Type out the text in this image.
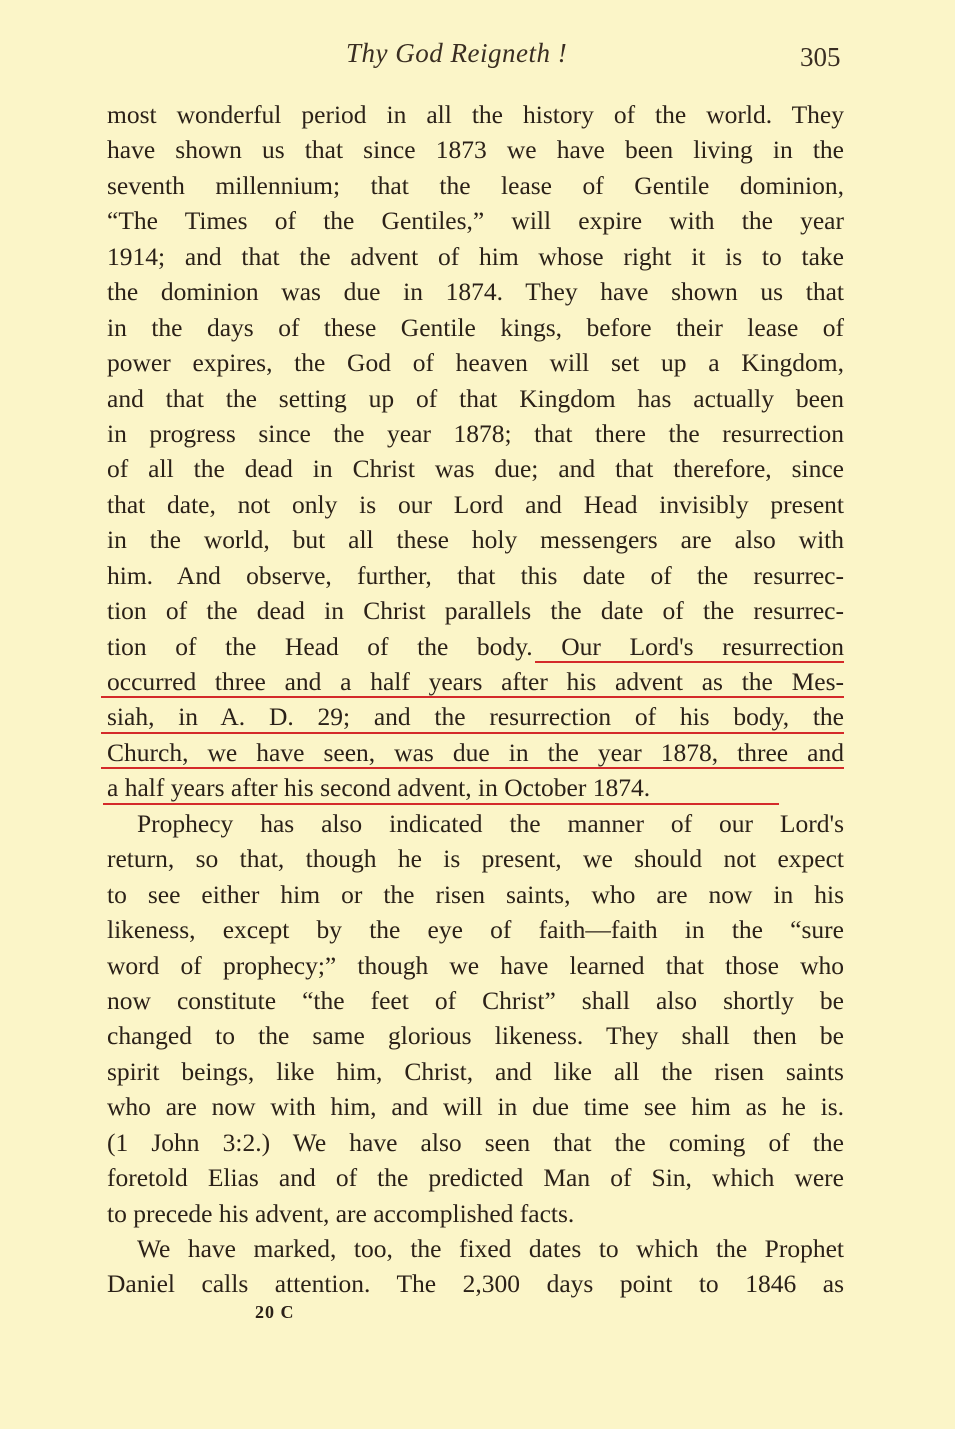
Thy God Reigneth !	305
most wonderful period in all the history of the world. They
have shown us that since 1873 we have been living in the
seventh millennium; that the lease of Gentile dominion,
“The Times of the Gentiles,” will expire with the year
1914; and that the advent of him whose right it is to take
the dominion was due in 1874. They have shown us that
in the days of these Gentile kings, before their lease of
power expires, the God of heaven will set up a Kingdom,
and that the setting up of that Kingdom has actually been
in progress since the year 1878; that there the resurrection
of all the dead in Christ was due; and that therefore, since
that date, not only is our Lord and Head invisibly present
in the world, but all these holy messengers are also with
him. And observe, further, that this date of the resurrec-
tion of the dead in Christ parallels the date of the resurrec-
tion of the Head of the body. Our Lord's resurrection
occurred three and a half years after his advent as the Mes-
siah, in A. D. 29; and the resurrection of his body, the
Church, we have seen, was due in the year 1878, three and
a half years after his second advent, in October 1874.
Prophecy has also indicated the manner of our Lord's
return, so that, though he is present, we should not expect
to see either him or the risen saints, who are now in his
likeness, except by the eye of faith—faith in the “sure
word of prophecy;” though we have learned that those who
now constitute “the feet of Christ” shall also shortly be
changed to the same glorious likeness. They shall then be
spirit beings, like him, Christ, and like all the risen saints
who are now with him, and will in due time see him as he is.
(1 John 3:2.) We have also seen that the coming of the
foretold Elias and of the predicted Man of Sin, which were
to precede his advent, are accomplished facts.
We have marked, too, the fixed dates to which the Prophet
Daniel calls attention. The 2,300 days point to 1846 as
20 C
